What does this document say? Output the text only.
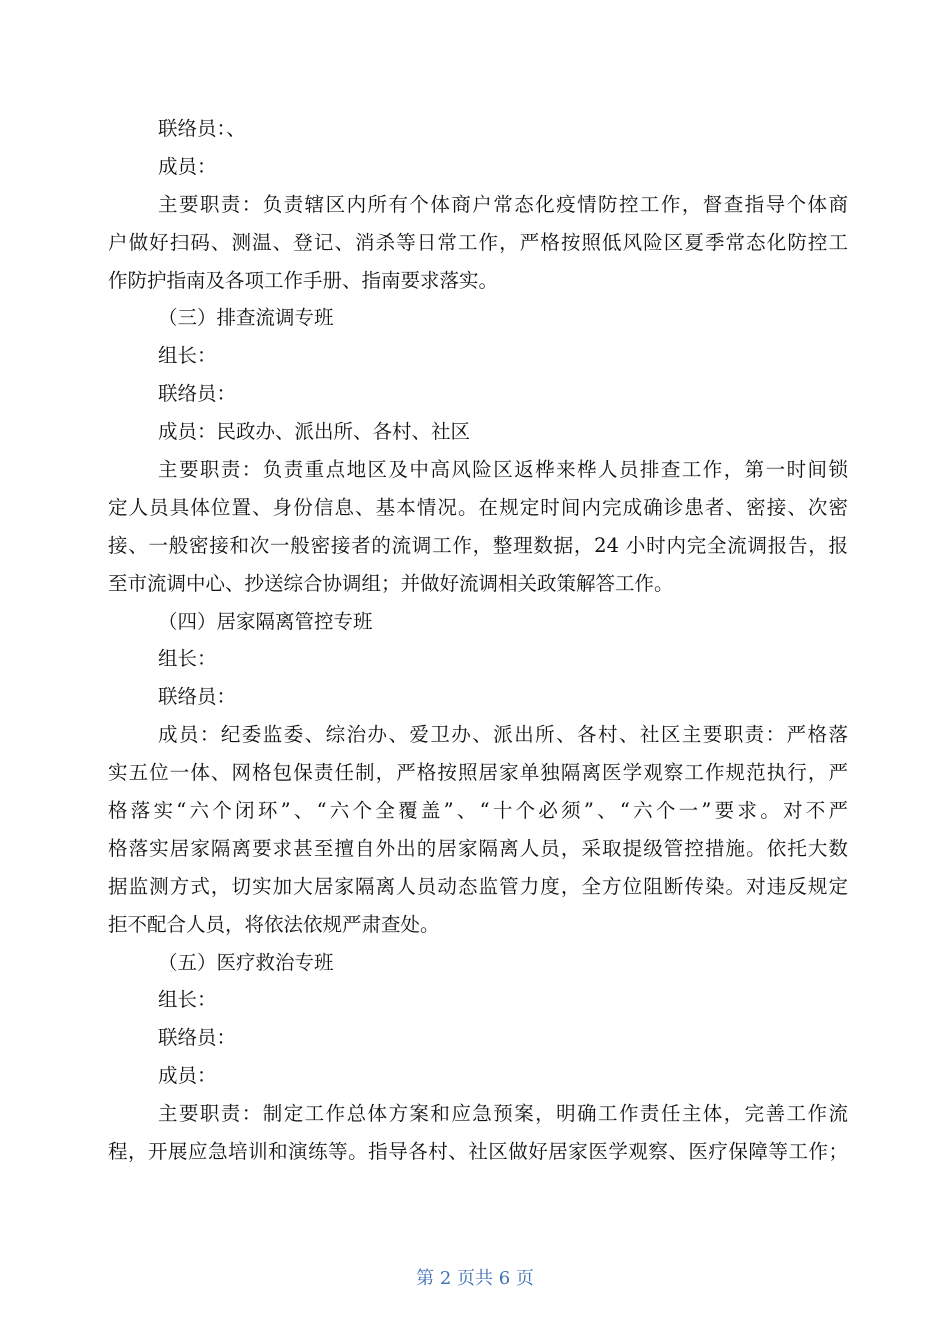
联络员：、
成员：
主要职责：负责辖区内所有个体商户常态化疫情防控工作，督查指导个体商
户做好扫码、测温、登记、消杀等日常工作，严格按照低风险区夏季常态化防控工
作防护指南及各项工作手册、指南要求落实。
（三）排查流调专班
组长：
联络员：
成员：民政办、派出所、各村、社区
主要职责：负责重点地区及中高风险区返桦来桦人员排查工作，第一时间锁
定人员具体位置、身份信息、基本情况。在规定时间内完成确诊患者、密接、次密
接、一般密接和次一般密接者的流调工作，整理数据，24 小时内完全流调报告，报
至市流调中心、抄送综合协调组；并做好流调相关政策解答工作。
（四）居家隔离管控专班
组长：
联络员：
成员：纪委监委、综治办、爱卫办、派出所、各村、社区主要职责：严格落
实五位一体、网格包保责任制，严格按照居家单独隔离医学观察工作规范执行，严
格落实“六个闭环”、“六个全覆盖”、“十个必须”、“六个一”要求。对不严
格落实居家隔离要求甚至擅自外出的居家隔离人员，采取提级管控措施。依托大数
据监测方式，切实加大居家隔离人员动态监管力度，全方位阻断传染。对违反规定
拒不配合人员，将依法依规严肃查处。
（五）医疗救治专班
组长：
联络员：
成员：
主要职责：制定工作总体方案和应急预案，明确工作责任主体，完善工作流
程，开展应急培训和演练等。指导各村、社区做好居家医学观察、医疗保障等工作；
第 2 页共 6 页
